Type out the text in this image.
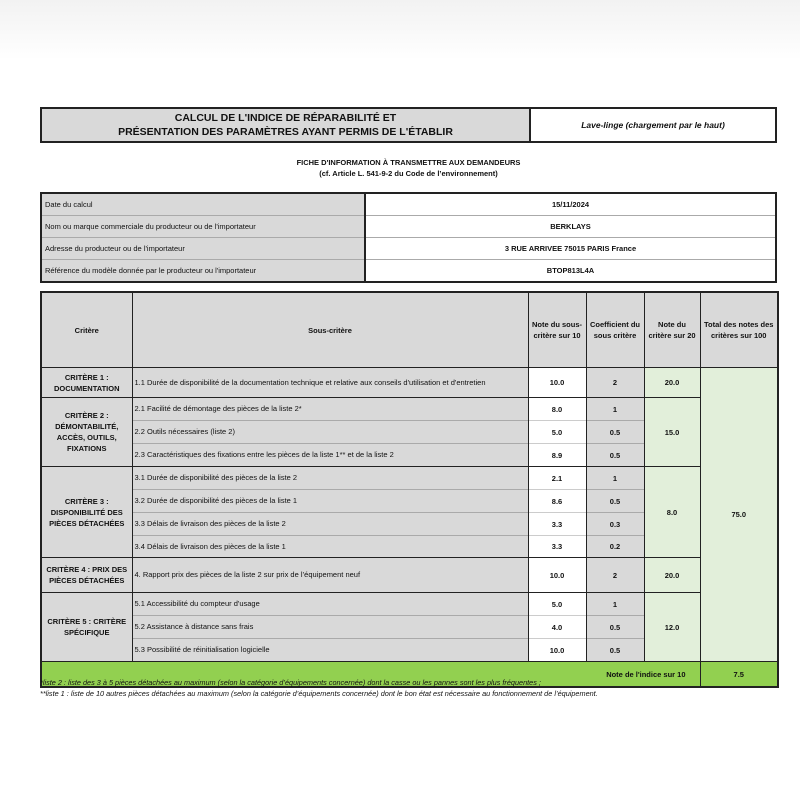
CALCUL DE L'INDICE DE RÉPARABILITÉ ET
PRÉSENTATION DES PARAMÈTRES AYANT PERMIS DE L'ÉTABLIR
Lave-linge (chargement par le haut)
FICHE D'INFORMATION À TRANSMETTRE AUX DEMANDEURS
(cf. Article L. 541-9-2 du Code de l’environnement)
Date du calcul	15/11/2024
Nom ou marque commerciale du producteur ou de l'importateur	BERKLAYS
Adresse du producteur ou de l'importateur	3 RUE ARRIVEE 75015 PARIS France
Référence du modèle donnée par le producteur ou l'importateur	BTOP813L4A
Critère	Sous-critère	Note du sous-critère sur 10	Coefficient du sous critère	Note du critère sur 20	Total des notes des critères sur 100
CRITÈRE 1 : DOCUMENTATION	1.1 Durée de disponibilité de la documentation technique et relative aux conseils d'utilisation et d'entretien	10.0	2	20.0	75.0
CRITÈRE 2 : DÉMONTABILITÉ, ACCÈS, OUTILS, FIXATIONS	2.1 Facilité de démontage des pièces de la liste 2*	8.0	1	15.0	
	2.2 Outils nécessaires (liste 2)	5.0	0.5		
	2.3 Caractéristiques des fixations entre les pièces de la liste 1** et de la liste 2	8.9	0.5		
CRITÈRE 3 : DISPONIBILITÉ DES PIÈCES DÉTACHÉES	3.1 Durée de disponibilité des pièces de la liste 2	2.1	1	8.0	
	3.2 Durée de disponibilité des pièces de la liste 1	8.6	0.5		
	3.3 Délais de livraison des pièces de la liste 2	3.3	0.3		
	3.4 Délais de livraison des pièces de la liste 1	3.3	0.2		
CRITÈRE 4 : PRIX DES PIÈCES DÉTACHÉES	4. Rapport prix des pièces de la liste 2 sur prix de l’équipement neuf	10.0	2	20.0	
CRITÈRE 5 : CRITÈRE SPÉCIFIQUE	5.1 Accessibilité du compteur d'usage	5.0	1	12.0	
	5.2 Assistance à distance sans frais	4.0	0.5		
	5.3 Possibilité de réinitialisation logicielle	10.0	0.5		
Note de l'indice sur 10					7.5
*liste 2 : liste des 3 à 5 pièces détachées au maximum (selon la catégorie d’équipements concernée) dont la casse ou les pannes sont les plus fréquentes ;
**liste 1 : liste de 10 autres pièces détachées au maximum (selon la catégorie d’équipements concernée) dont le bon état est nécessaire au fonctionnement de l’équipement.
